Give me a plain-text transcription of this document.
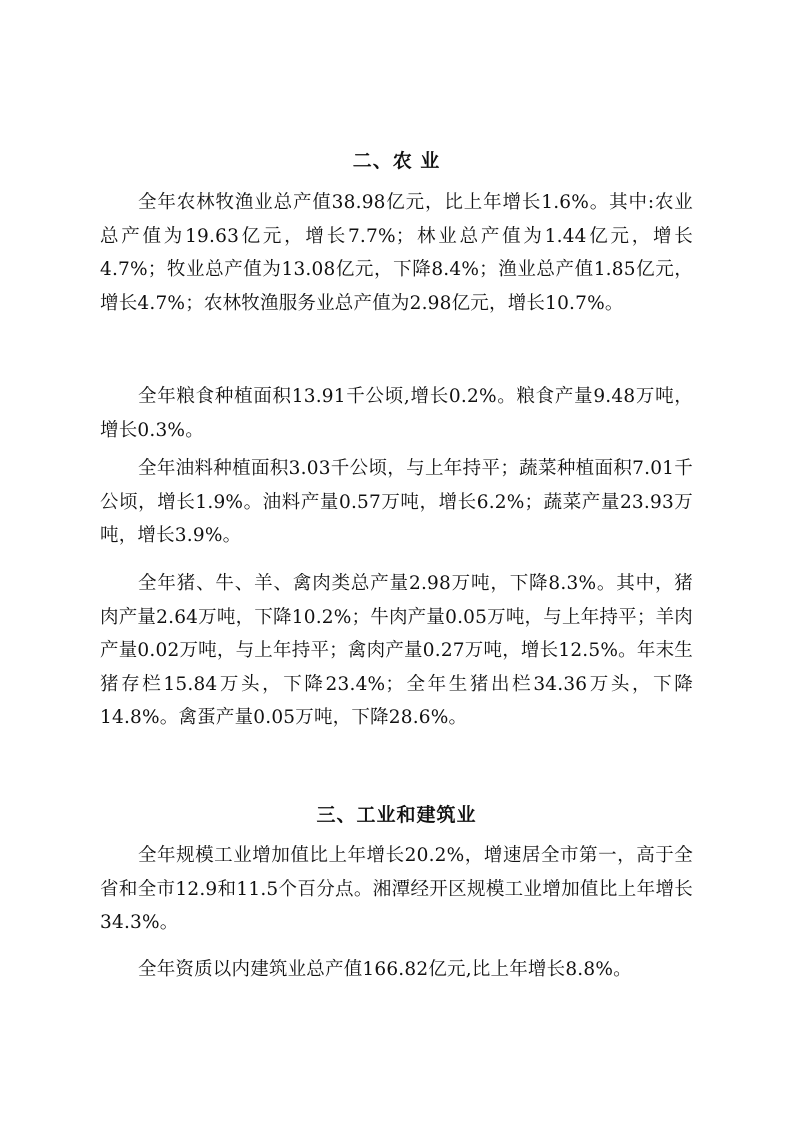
二、农 业
全年农林牧渔业总产值38.98亿元，比上年增长1.6%。其中:农业总产值为19.63亿元，增长7.7%；林业总产值为1.44亿元，增长4.7%；牧业总产值为13.08亿元，下降8.4%；渔业总产值1.85亿元，增长4.7%；农林牧渔服务业总产值为2.98亿元，增长10.7%。
全年粮食种植面积13.91千公顷,增长0.2%。粮食产量9.48万吨，增长0.3%。
全年油料种植面积3.03千公顷，与上年持平；蔬菜种植面积7.01千公顷，增长1.9%。油料产量0.57万吨，增长6.2%；蔬菜产量23.93万吨，增长3.9%。
全年猪、牛、羊、禽肉类总产量2.98万吨，下降8.3%。其中，猪肉产量2.64万吨，下降10.2%；牛肉产量0.05万吨，与上年持平；羊肉产量0.02万吨，与上年持平；禽肉产量0.27万吨，增长12.5%。年末生猪存栏15.84万头，下降23.4%；全年生猪出栏34.36万头，下降14.8%。禽蛋产量0.05万吨，下降28.6%。
三、工业和建筑业
全年规模工业增加值比上年增长20.2%，增速居全市第一，高于全省和全市12.9和11.5个百分点。湘潭经开区规模工业增加值比上年增长34.3%。
全年资质以内建筑业总产值166.82亿元,比上年增长8.8%。
